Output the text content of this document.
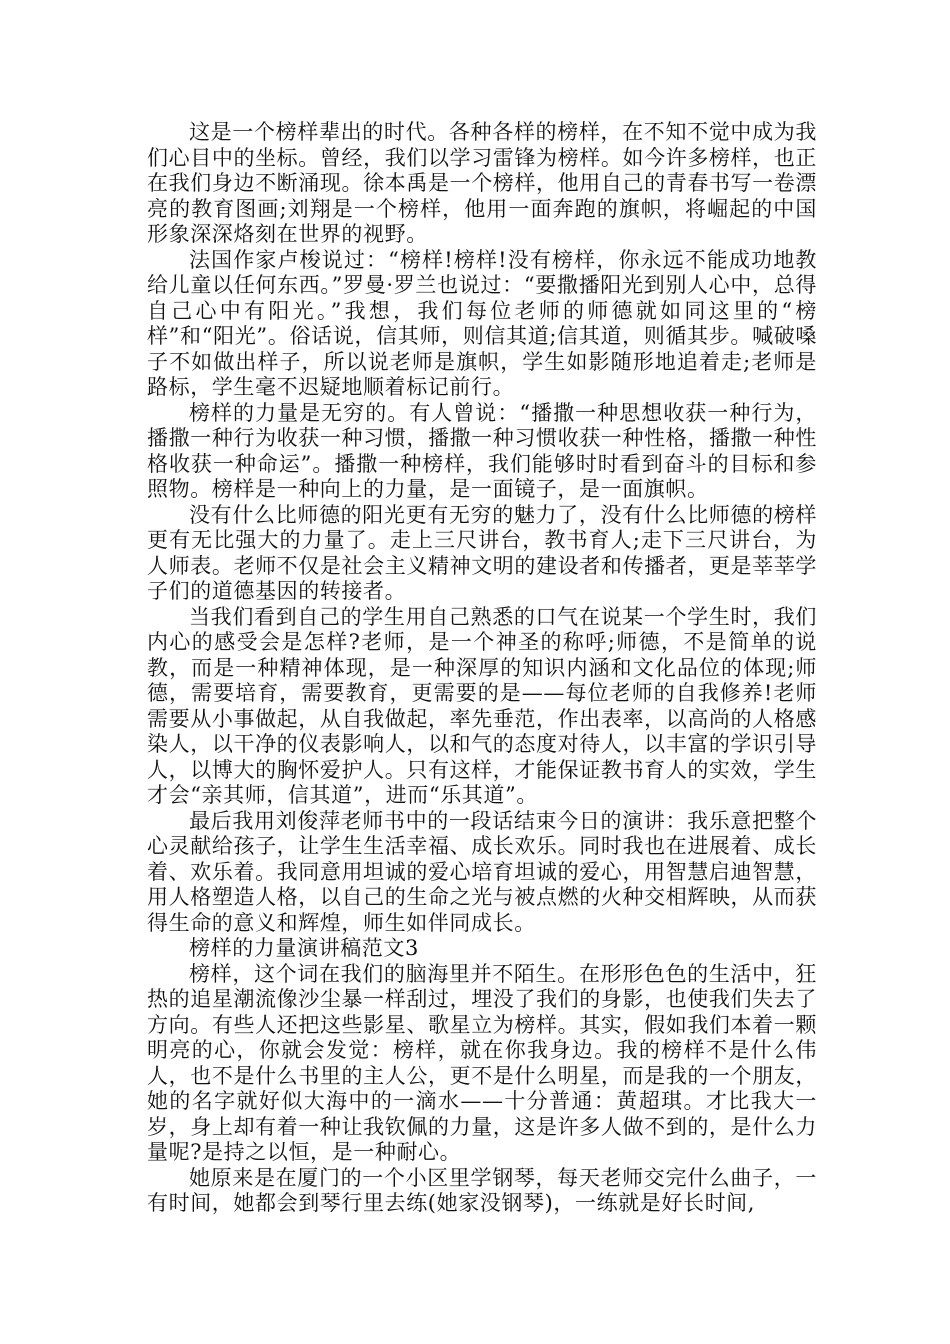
这是一个榜样辈出的时代。各种各样的榜样，在不知不觉中成为我们心目中的坐标。曾经，我们以学习雷锋为榜样。如今许多榜样，也正在我们身边不断涌现。徐本禹是一个榜样，他用自己的青春书写一卷漂亮的教育图画;刘翔是一个榜样，他用一面奔跑的旗帜，将崛起的中国形象深深烙刻在世界的视野。

法国作家卢梭说过：“榜样!榜样!没有榜样，你永远不能成功地教给儿童以任何东西。”罗曼·罗兰也说过：“要撒播阳光到别人心中，总得自己心中有阳光。”我想，我们每位老师的师德就如同这里的“榜样”和“阳光”。俗话说，信其师，则信其道;信其道，则循其步。喊破嗓子不如做出样子，所以说老师是旗帜，学生如影随形地追着走;老师是路标，学生毫不迟疑地顺着标记前行。

榜样的力量是无穷的。有人曾说：“播撒一种思想收获一种行为，播撒一种行为收获一种习惯，播撒一种习惯收获一种性格，播撒一种性格收获一种命运”。播撒一种榜样，我们能够时时看到奋斗的目标和参照物。榜样是一种向上的力量，是一面镜子，是一面旗帜。

没有什么比师德的阳光更有无穷的魅力了，没有什么比师德的榜样更有无比强大的力量了。走上三尺讲台，教书育人;走下三尺讲台，为人师表。老师不仅是社会主义精神文明的建设者和传播者，更是莘莘学子们的道德基因的转接者。

当我们看到自己的学生用自己熟悉的口气在说某一个学生时，我们内心的感受会是怎样?老师，是一个神圣的称呼;师德，不是简单的说教，而是一种精神体现，是一种深厚的知识内涵和文化品位的体现;师德，需要培育，需要教育，更需要的是——每位老师的自我修养!老师需要从小事做起，从自我做起，率先垂范，作出表率，以高尚的人格感染人，以干净的仪表影响人，以和气的态度对待人，以丰富的学识引导人，以博大的胸怀爱护人。只有这样，才能保证教书育人的实效，学生才会“亲其师，信其道”，进而“乐其道”。

最后我用刘俊萍老师书中的一段话结束今日的演讲：我乐意把整个心灵献给孩子，让学生生活幸福、成长欢乐。同时我也在进展着、成长着、欢乐着。我同意用坦诚的爱心培育坦诚的爱心，用智慧启迪智慧，用人格塑造人格，以自己的生命之光与被点燃的火种交相辉映，从而获得生命的意义和辉煌，师生如伴同成长。

榜样的力量演讲稿范文3

榜样，这个词在我们的脑海里并不陌生。在形形色色的生活中，狂热的追星潮流像沙尘暴一样刮过，埋没了我们的身影，也使我们失去了方向。有些人还把这些影星、歌星立为榜样。其实，假如我们本着一颗明亮的心，你就会发觉：榜样，就在你我身边。我的榜样不是什么伟人，也不是什么书里的主人公，更不是什么明星，而是我的一个朋友，她的名字就好似大海中的一滴水——十分普通：黄超琪。才比我大一岁，身上却有着一种让我钦佩的力量，这是许多人做不到的，是什么力量呢?是持之以恒，是一种耐心。

她原来是在厦门的一个小区里学钢琴，每天老师交完什么曲子，一有时间，她都会到琴行里去练(她家没钢琴)，一练就是好长时间,
